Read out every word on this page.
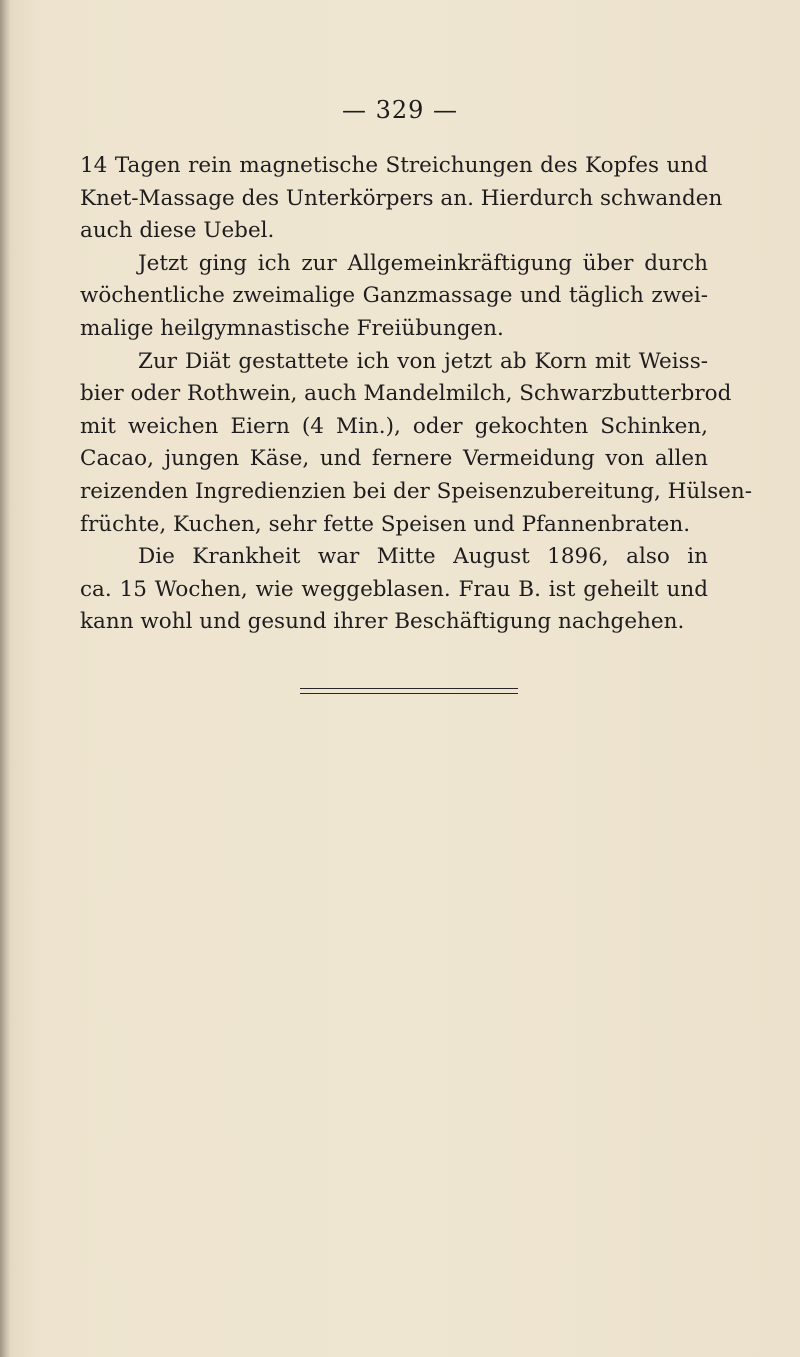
— 329 —
14 Tagen rein magnetische Streichungen des Kopfes und
Knet-Massage des Unterkörpers an. Hierdurch schwanden
auch diese Uebel.
Jetzt ging ich zur Allgemeinkräftigung über durch
wöchentliche zweimalige Ganzmassage und täglich zwei-
malige heilgymnastische Freiübungen.
Zur Diät gestattete ich von jetzt ab Korn mit Weiss-
bier oder Rothwein, auch Mandelmilch, Schwarzbutterbrod
mit weichen Eiern (4 Min.), oder gekochten Schinken,
Cacao, jungen Käse, und fernere Vermeidung von allen
reizenden Ingredienzien bei der Speisenzubereitung, Hülsen-
früchte, Kuchen, sehr fette Speisen und Pfannenbraten.
Die Krankheit war Mitte August 1896, also in
ca. 15 Wochen, wie weggeblasen. Frau B. ist geheilt und
kann wohl und gesund ihrer Beschäftigung nachgehen.
